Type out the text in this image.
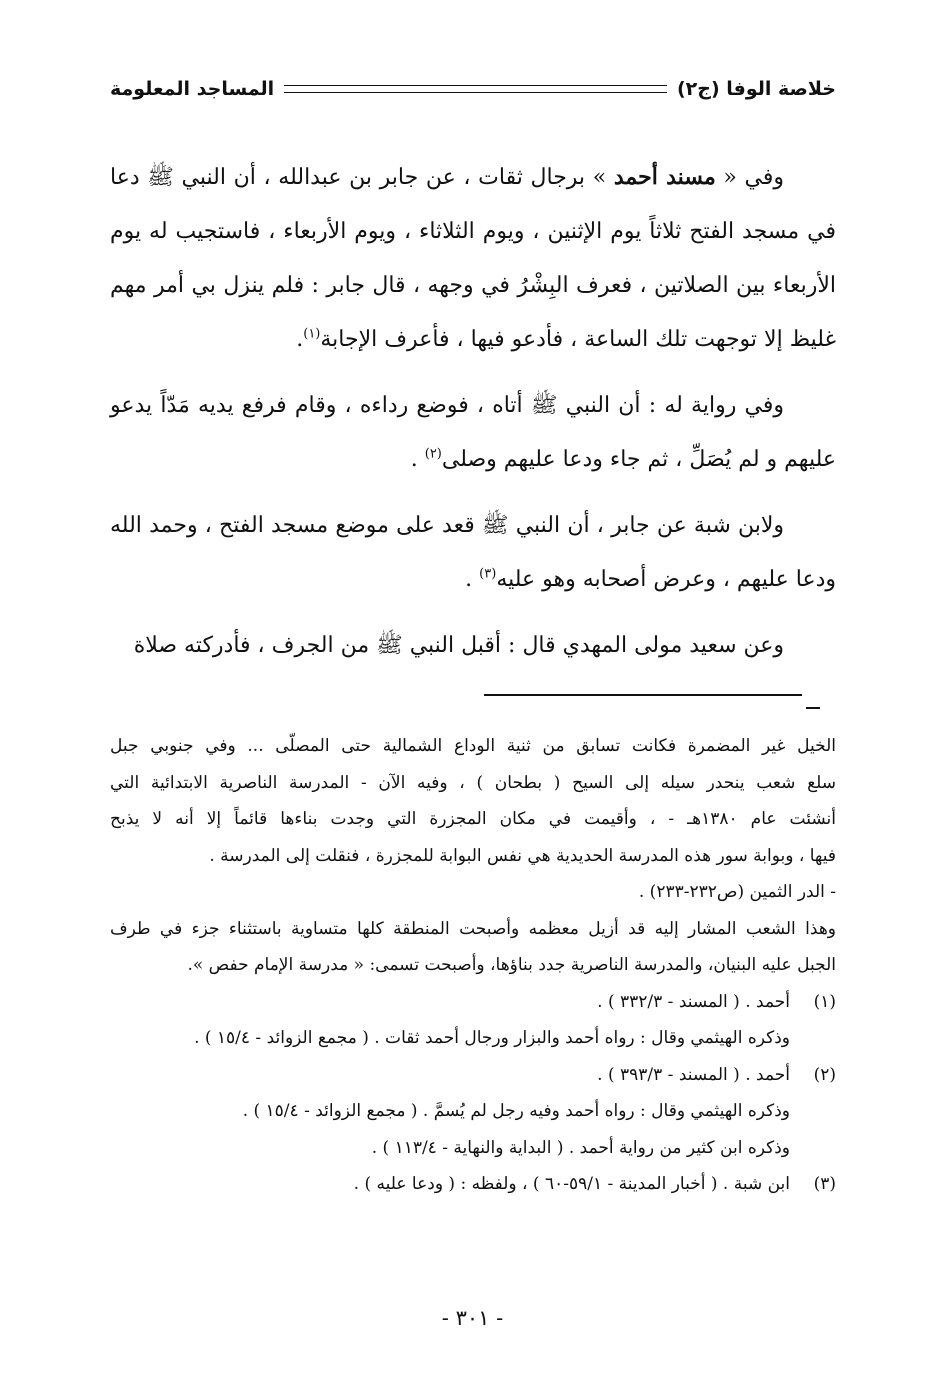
خلاصة الوفا (ج٢)
المساجد المعلومة

وفي « مسند أحمد » برجال ثقات ، عن جابر بن عبدالله ، أن النبي ﷺ دعا في مسجد الفتح ثلاثاً يوم الإثنين ، ويوم الثلاثاء ، ويوم الأربعاء ، فاستجيب له يوم الأربعاء بين الصلاتين ، فعرف البِشْرُ في وجهه ، قال جابر : فلم ينزل بي أمر مهم غليظ إلا توجهت تلك الساعة ، فأدعو فيها ، فأعرف الإجابة$^{(١)}$.

وفي رواية له : أن النبي ﷺ أتاه ، فوضع رداءه ، وقام فرفع يديه مَدّاً يدعو عليهم و لم يُصَلِّ ، ثم جاء ودعا عليهم وصلى$^{(٢)}$ .

ولابن شبة عن جابر ، أن النبي ﷺ قعد على موضع مسجد الفتح ، وحمد الله ودعا عليهم ، وعرض أصحابه وهو عليه$^{(٣)}$ .

وعن سعيد مولى المهدي قال : أقبل النبي ﷺ من الجرف ، فأدركته صلاة

الخيل غير المضمرة فكانت تسابق من ثنية الوداع الشمالية حتى المصلّى ... وفي جنوبي جبل
سلع شعب ينحدر سيله إلى السيح ( بطحان ) ، وفيه الآن - المدرسة الناصرية الابتدائية التي
أنشئت عام ١٣٨٠هـ - ، وأقيمت في مكان المجزرة التي وجدت بناءها قائماً إلا أنه لا يذبح
فيها ، وبوابة سور هذه المدرسة الحديدية هي نفس البوابة للمجزرة ، فنقلت إلى المدرسة .
- الدر الثمين (ص٢٣٢-٢٣٣) .
وهذا الشعب المشار إليه قد أزيل معظمه وأصبحت المنطقة كلها متساوية باستثناء جزء في طرف
الجبل عليه البنيان، والمدرسة الناصرية جدد بناؤها، وأصبحت تسمى: « مدرسة الإمام حفص ».
(١)
أحمد . ( المسند - ٣٣٢/٣ ) .
وذكره الهيثمي وقال : رواه أحمد والبزار ورجال أحمد ثقات . ( مجمع الزوائد - ١٥/٤ ) .
(٢)
أحمد . ( المسند - ٣٩٣/٣ ) .
وذكره الهيثمي وقال : رواه أحمد وفيه رجل لم يُسمَّ . ( مجمع الزوائد - ١٥/٤ ) .
وذكره ابن كثير من رواية أحمد . ( البداية والنهاية - ١١٣/٤ ) .
(٣)
ابن شبة . ( أخبار المدينة - ٥٩/١-٦٠ ) ، ولفظه : ( ودعا عليه ) .
- ٣٠١ -
